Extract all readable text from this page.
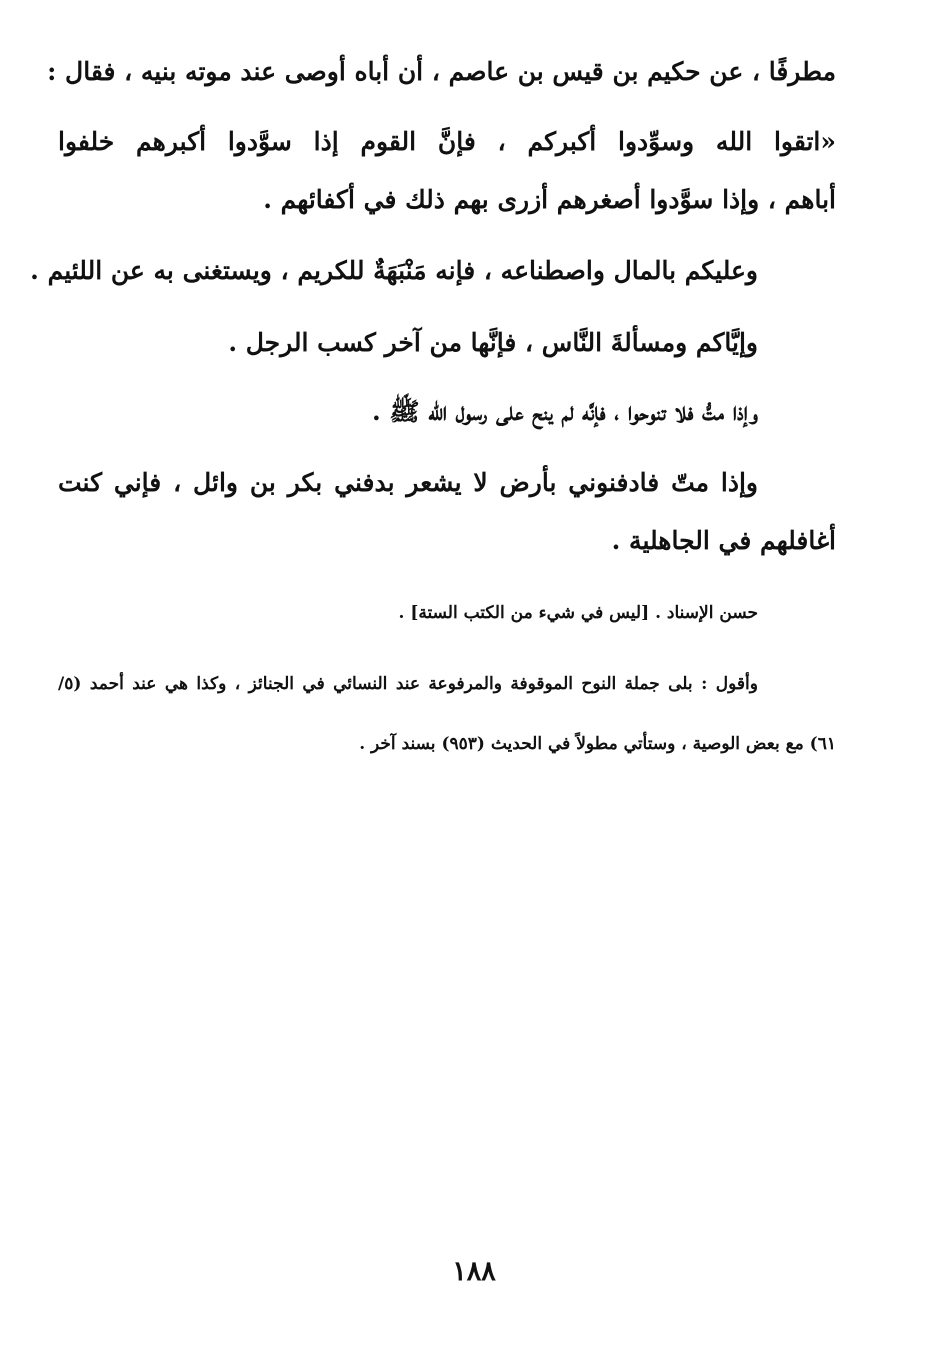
مطرفًا ، عن حكيم بن قيس بن عاصم ، أن أباه أوصى عند موته بنيه ، فقال :
«اتقوا الله وسوِّدوا أكبركم ، فإنَّ القوم إذا سوَّدوا أكبرهم خلفوا
أباهم ، وإذا سوَّدوا أصغرهم أزرى بهم ذلك في أكفائهم .
وعليكم بالمال واصطناعه ، فإنه مَنْبَهَةٌ للكريم ، ويستغنى به عن اللئيم .
وإيَّاكم ومسألةَ النَّاس ، فإنَّها من آخر كسب الرجل .
وإذا متُّ فلا تنوحوا ، فإنَّه لم ينح على رسول الله ﷺ .
وإذا متّ فادفنوني بأرض لا يشعر بدفني بكر بن وائل ، فإني كنت
أغافلهم في الجاهلية .
حسن الإسناد . [ليس في شيء من الكتب الستة] .
وأقول : بلى جملة النوح الموقوفة والمرفوعة عند النسائي في الجنائز ، وكذا هي عند أحمد (٥/
٦١) مع بعض الوصية ، وستأتي مطولاً في الحديث (٩٥٣) بسند آخر .
١٨٨
